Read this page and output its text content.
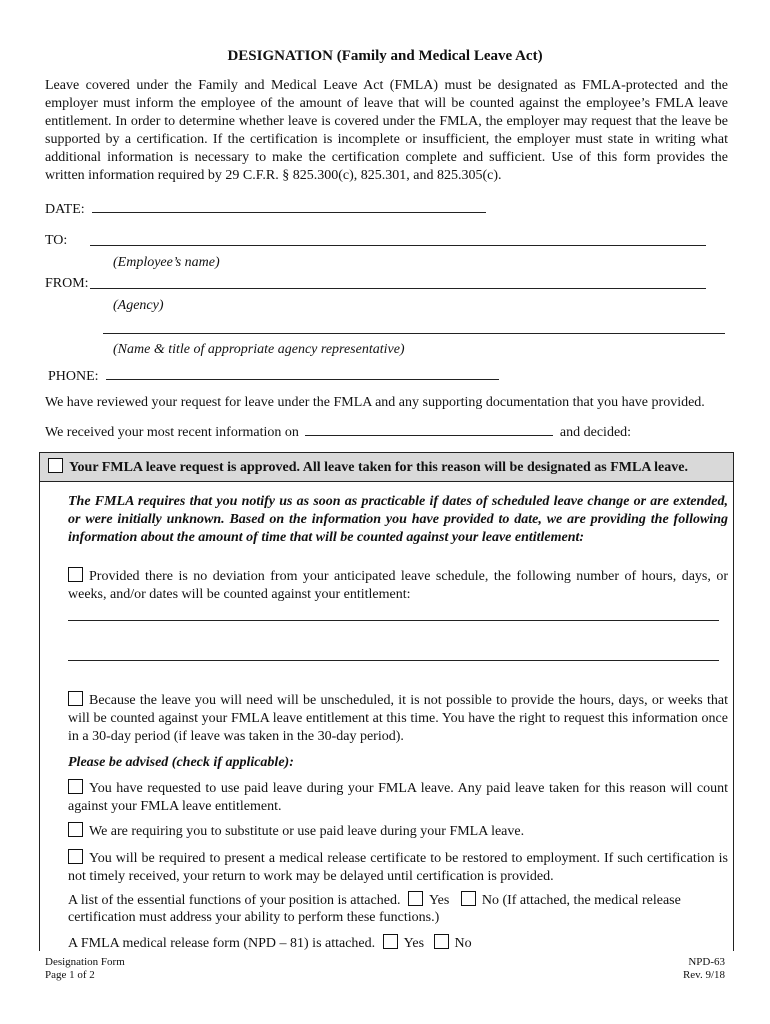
DESIGNATION (Family and Medical Leave Act)
Leave covered under the Family and Medical Leave Act (FMLA) must be designated as FMLA-protected and the employer must inform the employee of the amount of leave that will be counted against the employee’s FMLA leave entitlement. In order to determine whether leave is covered under the FMLA, the employer may request that the leave be supported by a certification. If the certification is incomplete or insufficient, the employer must state in writing what additional information is necessary to make the certification complete and sufficient. Use of this form provides the written information required by 29 C.F.R. § 825.300(c), 825.301, and 825.305(c).
DATE:
TO:
(Employee’s name)
FROM:
(Agency)
(Name & title of appropriate agency representative)
PHONE:
We have reviewed your request for leave under the FMLA and any supporting documentation that you have provided.
We received your most recent information on	and decided:
Your FMLA leave request is approved. All leave taken for this reason will be designated as FMLA leave.
The FMLA requires that you notify us as soon as practicable if dates of scheduled leave change or are extended, or were initially unknown. Based on the information you have provided to date, we are providing the following information about the amount of time that will be counted against your leave entitlement:
Provided there is no deviation from your anticipated leave schedule, the following number of hours, days, or weeks, and/or dates will be counted against your entitlement:
Because the leave you will need will be unscheduled, it is not possible to provide the hours, days, or weeks that will be counted against your FMLA leave entitlement at this time. You have the right to request this information once in a 30-day period (if leave was taken in the 30-day period).
Please be advised (check if applicable):
You have requested to use paid leave during your FMLA leave. Any paid leave taken for this reason will count against your FMLA leave entitlement.
We are requiring you to substitute or use paid leave during your FMLA leave.
You will be required to present a medical release certificate to be restored to employment. If such certification is not timely received, your return to work may be delayed until certification is provided.
A list of the essential functions of your position is attached. Yes No (If attached, the medical release
certification must address your ability to perform these functions.)
A FMLA medical release form (NPD – 81) is attached. Yes No
Designation Form
Page 1 of 2
NPD-63
Rev. 9/18
